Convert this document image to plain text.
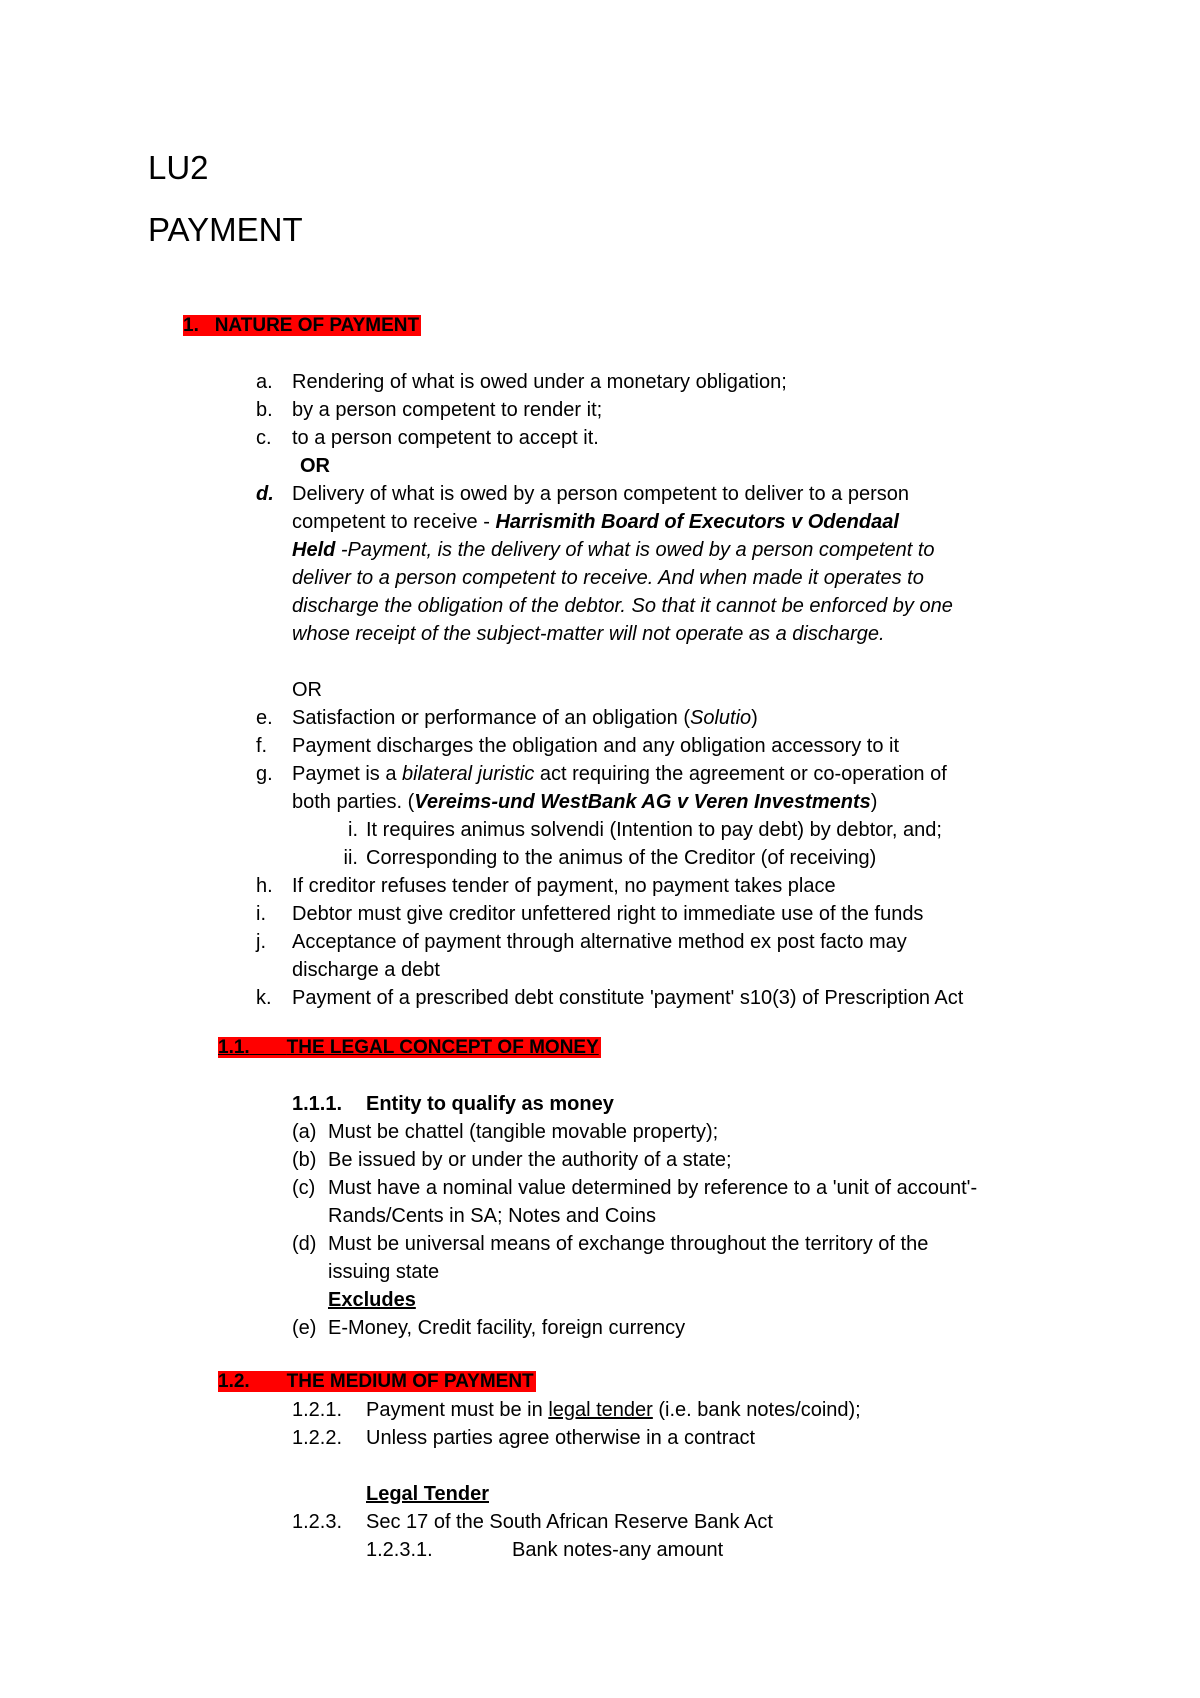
LU2
PAYMENT
1. NATURE OF PAYMENT
a. Rendering of what is owed under a monetary obligation;
b. by a person competent to render it;
c. to a person competent to accept it.
OR
d. Delivery of what is owed by a person competent to deliver to a person
competent to receive - Harrismith Board of Executors v Odendaal
Held -Payment, is the delivery of what is owed by a person competent to
deliver to a person competent to receive. And when made it operates to
discharge the obligation of the debtor. So that it cannot be enforced by one
whose receipt of the subject-matter will not operate as a discharge.
OR
e. Satisfaction or performance of an obligation (Solutio)
f. Payment discharges the obligation and any obligation accessory to it
g. Paymet is a bilateral juristic act requiring the agreement or co-operation of
both parties. (Vereims-und WestBank AG v Veren Investments)
i. It requires animus solvendi (Intention to pay debt) by debtor, and;
ii. Corresponding to the animus of the Creditor (of receiving)
h. If creditor refuses tender of payment, no payment takes place
i. Debtor must give creditor unfettered right to immediate use of the funds
j. Acceptance of payment through alternative method ex post facto may
discharge a debt
k. Payment of a prescribed debt constitute 'payment' s10(3) of Prescription Act
1.1. THE LEGAL CONCEPT OF MONEY
1.1.1. Entity to qualify as money
(a) Must be chattel (tangible movable property);
(b) Be issued by or under the authority of a state;
(c) Must have a nominal value determined by reference to a 'unit of account'-
Rands/Cents in SA; Notes and Coins
(d) Must be universal means of exchange throughout the territory of the
issuing state
Excludes
(e) E-Money, Credit facility, foreign currency
1.2. THE MEDIUM OF PAYMENT
1.2.1. Payment must be in legal tender (i.e. bank notes/coind);
1.2.2. Unless parties agree otherwise in a contract
Legal Tender
1.2.3. Sec 17 of the South African Reserve Bank Act
1.2.3.1.	Bank notes-any amount
